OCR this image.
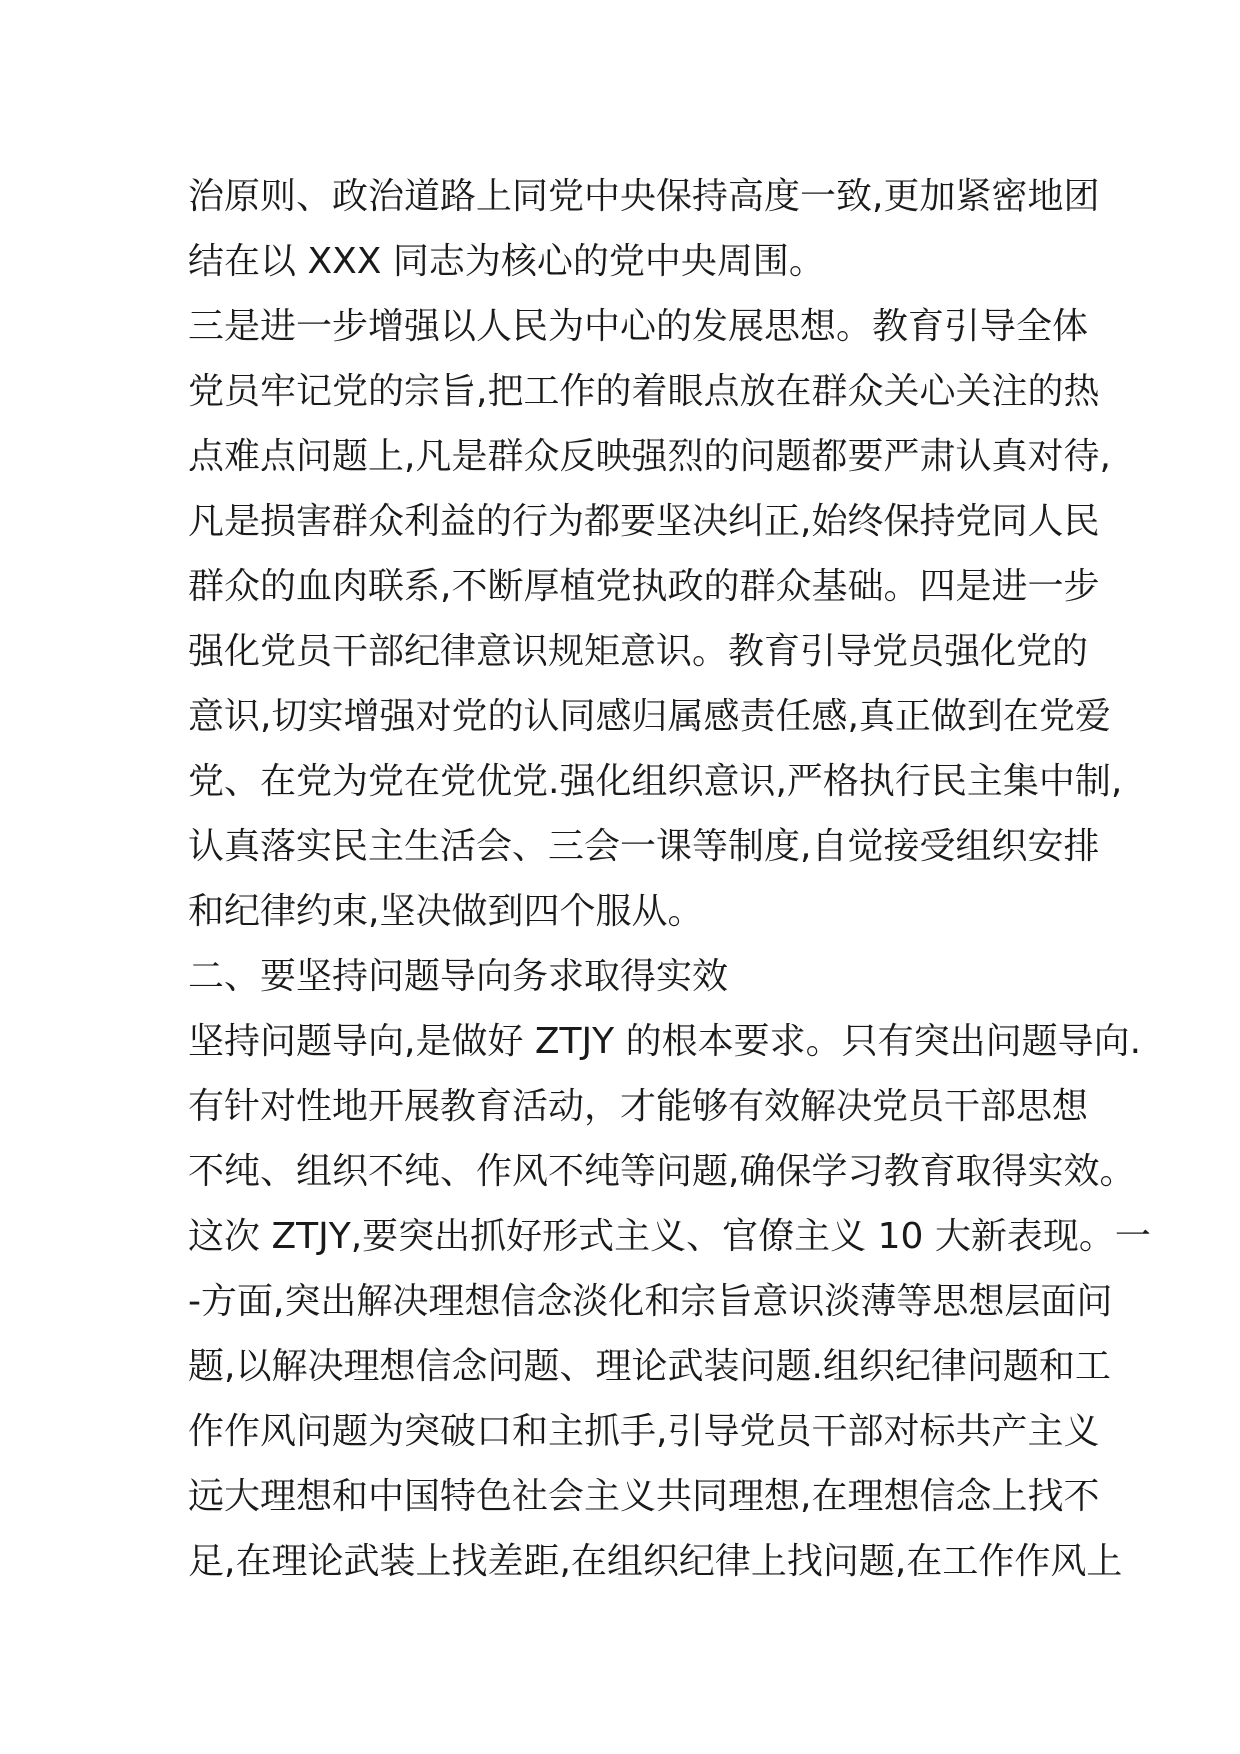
治原则、政治道路上同党中央保持高度一致,更加紧密地团
结在以 XXX 同志为核心的党中央周围。
三是进一步增强以人民为中心的发展思想。教育引导全体
党员牢记党的宗旨,把工作的着眼点放在群众关心关注的热
点难点问题上,凡是群众反映强烈的问题都要严肃认真对待,
凡是损害群众利益的行为都要坚决纠正,始终保持党同人民
群众的血肉联系,不断厚植党执政的群众基础。四是进一步
强化党员干部纪律意识规矩意识。教育引导党员强化党的
意识,切实增强对党的认同感归属感责任感,真正做到在党爱
党、在党为党在党优党.强化组织意识,严格执行民主集中制,
认真落实民主生活会、三会一课等制度,自觉接受组织安排
和纪律约束,坚决做到四个服从。
二、要坚持问题导向务求取得实效
坚持问题导向,是做好 ZTJY 的根本要求。只有突出问题导向.
有针对性地开展教育活动，才能够有效解决党员干部思想
不纯、组织不纯、作风不纯等问题,确保学习教育取得实效。
这次 ZTJY,要突出抓好形式主义、官僚主义 10 大新表现。一
-方面,突出解决理想信念淡化和宗旨意识淡薄等思想层面问
题,以解决理想信念问题、理论武装问题.组织纪律问题和工
作作风问题为突破口和主抓手,引导党员干部对标共产主义
远大理想和中国特色社会主义共同理想,在理想信念上找不
足,在理论武装上找差距,在组织纪律上找问题,在工作作风上
